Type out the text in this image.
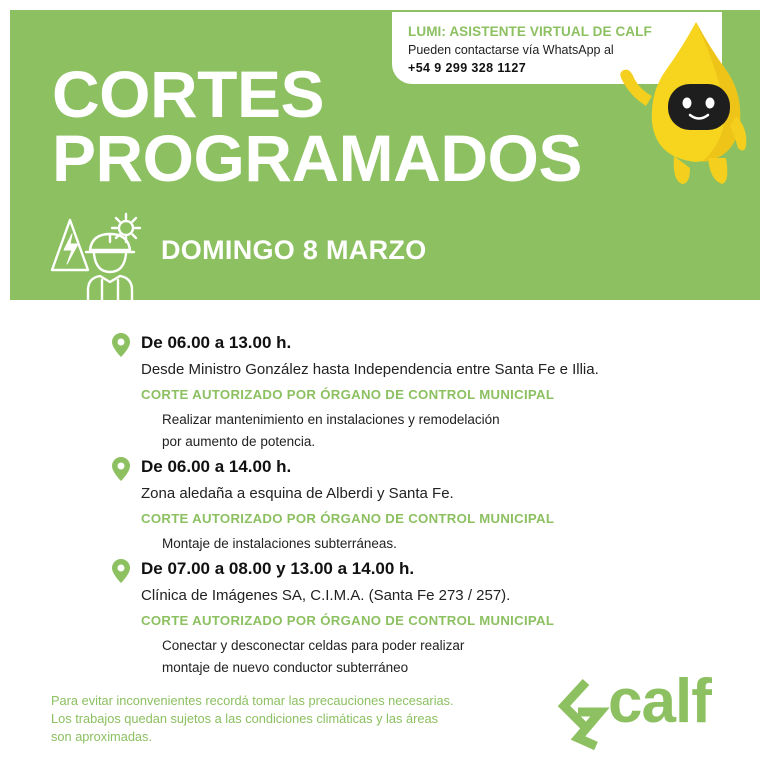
CORTES
PROGRAMADOS
DOMINGO 8 MARZO
LUMI: ASISTENTE VIRTUAL DE CALF
Pueden contactarse vía WhatsApp al
+54 9 299 328 1127
De 06.00 a 13.00 h.
Desde Ministro González hasta Independencia entre Santa Fe e Illia.
CORTE AUTORIZADO POR ÓRGANO DE CONTROL MUNICIPAL
Realizar mantenimiento en instalaciones y remodelación
por aumento de potencia.
De 06.00 a 14.00 h.
Zona aledaña a esquina de Alberdi y Santa Fe.
CORTE AUTORIZADO POR ÓRGANO DE CONTROL MUNICIPAL
Montaje de instalaciones subterráneas.
De 07.00 a 08.00 y 13.00 a 14.00 h.
Clínica de Imágenes SA, C.I.M.A. (Santa Fe 273 / 257).
CORTE AUTORIZADO POR ÓRGANO DE CONTROL MUNICIPAL
Conectar y desconectar celdas para poder realizar
montaje de nuevo conductor subterráneo
Para evitar inconvenientes recordá tomar las precauciones necesarias.
Los trabajos quedan sujetos a las condiciones climáticas y las áreas
son aproximadas.
calf
